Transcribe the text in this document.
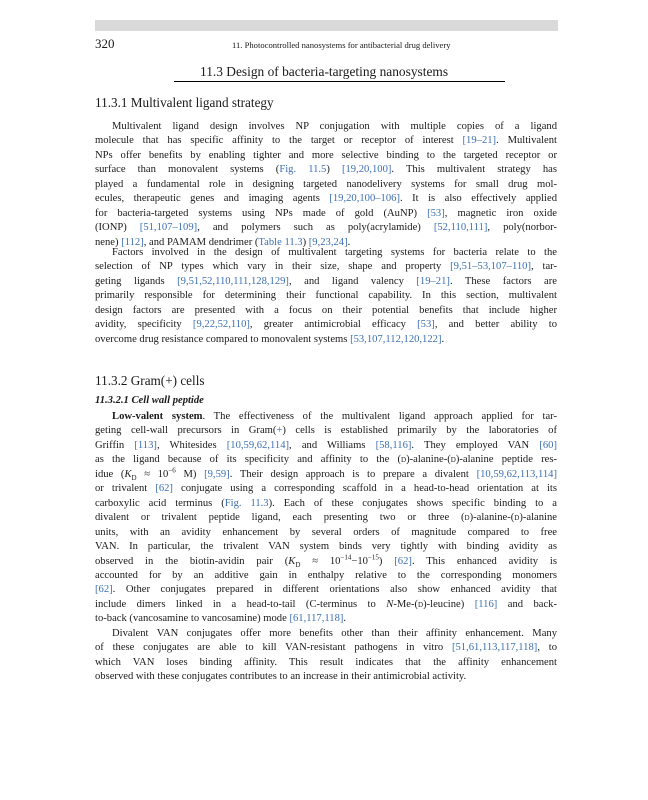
320	11. Photocontrolled nanosystems for antibacterial drug delivery
11.3 Design of bacteria-targeting nanosystems
11.3.1 Multivalent ligand strategy
Multivalent ligand design involves NP conjugation with multiple copies of a ligand
molecule that has specific affinity to the target or receptor of interest [19–21]. Multivalent
NPs offer benefits by enabling tighter and more selective binding to the targeted receptor or
surface than monovalent systems (Fig. 11.5) [19,20,100]. This multivalent strategy has
played a fundamental role in designing targeted nanodelivery systems for small drug mol-
ecules, therapeutic genes and imaging agents [19,20,100–106]. It is also effectively applied
for bacteria-targeted systems using NPs made of gold (AuNP) [53], magnetic iron oxide
(IONP) [51,107–109], and polymers such as poly(acrylamide) [52,110,111], poly(norbor-
nene) [112], and PAMAM dendrimer (Table 11.3) [9,23,24].
Factors involved in the design of multivalent targeting systems for bacteria relate to the
selection of NP types which vary in their size, shape and property [9,51–53,107–110], tar-
geting ligands [9,51,52,110,111,128,129], and ligand valency [19–21]. These factors are
primarily responsible for determining their functional capability. In this section, multivalent
design factors are presented with a focus on their potential benefits that include higher
avidity, specificity [9,22,52,110], greater antimicrobial efficacy [53], and better ability to
overcome drug resistance compared to monovalent systems [53,107,112,120,122].
11.3.2 Gram(+) cells
11.3.2.1 Cell wall peptide
Low-valent system. The effectiveness of the multivalent ligand approach applied for tar-
geting cell-wall precursors in Gram(+) cells is established primarily by the laboratories of
Griffin [113], Whitesides [10,59,62,114], and Williams [58,116]. They employed VAN [60]
as the ligand because of its specificity and affinity to the (d)-alanine-(d)-alanine peptide res-
idue ($K_D \approx 10^{-6}$ M) [9,59]. Their design approach is to prepare a divalent [10,59,62,113,114]
or trivalent [62] conjugate using a corresponding scaffold in a head-to-head orientation at its
carboxylic acid terminus (Fig. 11.3). Each of these conjugates shows specific binding to a
divalent or trivalent peptide ligand, each presenting two or three (d)-alanine-(d)-alanine
units, with an avidity enhancement by several orders of magnitude compared to free
VAN. In particular, the trivalent VAN system binds very tightly with binding avidity as
observed in the biotin-avidin pair $(K_D \approx 10^{-14}-10^{-15})$ [62]. This enhanced avidity is
accounted for by an additive gain in enthalpy relative to the corresponding monomers
[62]. Other conjugates prepared in different orientations also show enhanced avidity that
include dimers linked in a head-to-tail (C-terminus to N-Me-(d)-leucine) [116] and back-
to-back (vancosamine to vancosamine) mode [61,117,118].
Divalent VAN conjugates offer more benefits other than their affinity enhancement. Many
of these conjugates are able to kill VAN-resistant pathogens in vitro [51,61,113,117,118], to
which VAN loses binding affinity. This result indicates that the affinity enhancement
observed with these conjugates contributes to an increase in their antimicrobial activity.
